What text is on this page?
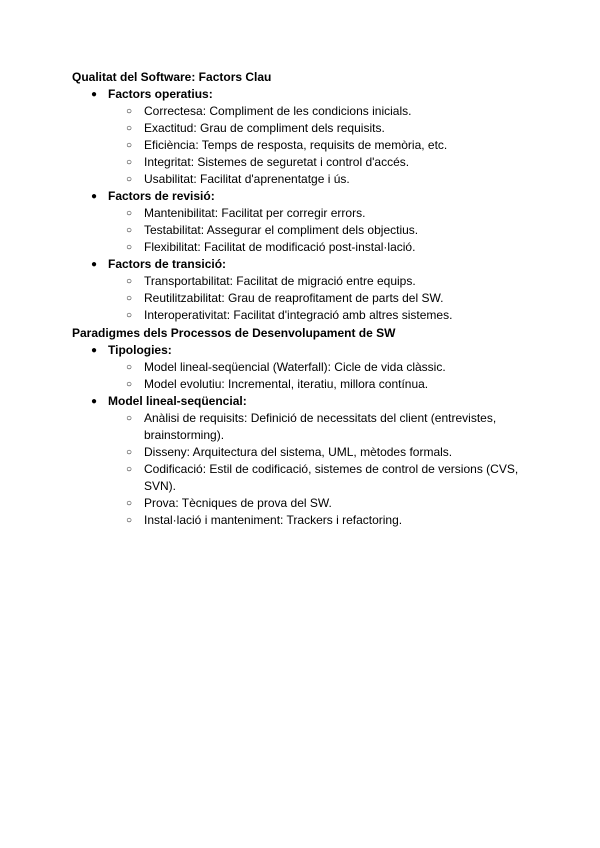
Qualitat del Software: Factors Clau
● Factors operatius:
○ Correctesa: Compliment de les condicions inicials.
○ Exactitud: Grau de compliment dels requisits.
○ Eficiència: Temps de resposta, requisits de memòria, etc.
○ Integritat: Sistemes de seguretat i control d'accés.
○ Usabilitat: Facilitat d'aprenentatge i ús.
● Factors de revisió:
○ Mantenibilitat: Facilitat per corregir errors.
○ Testabilitat: Assegurar el compliment dels objectius.
○ Flexibilitat: Facilitat de modificació post-instal·lació.
● Factors de transició:
○ Transportabilitat: Facilitat de migració entre equips.
○ Reutilitzabilitat: Grau de reaprofitament de parts del SW.
○ Interoperativitat: Facilitat d'integració amb altres sistemes.
Paradigmes dels Processos de Desenvolupament de SW
● Tipologies:
○ Model lineal-seqüencial (Waterfall): Cicle de vida clàssic.
○ Model evolutiu: Incremental, iteratiu, millora contínua.
● Model lineal-seqüencial:
○ Anàlisi de requisits: Definició de necessitats del client (entrevistes, brainstorming).
○ Disseny: Arquitectura del sistema, UML, mètodes formals.
○ Codificació: Estil de codificació, sistemes de control de versions (CVS, SVN).
○ Prova: Tècniques de prova del SW.
○ Instal·lació i manteniment: Trackers i refactoring.
